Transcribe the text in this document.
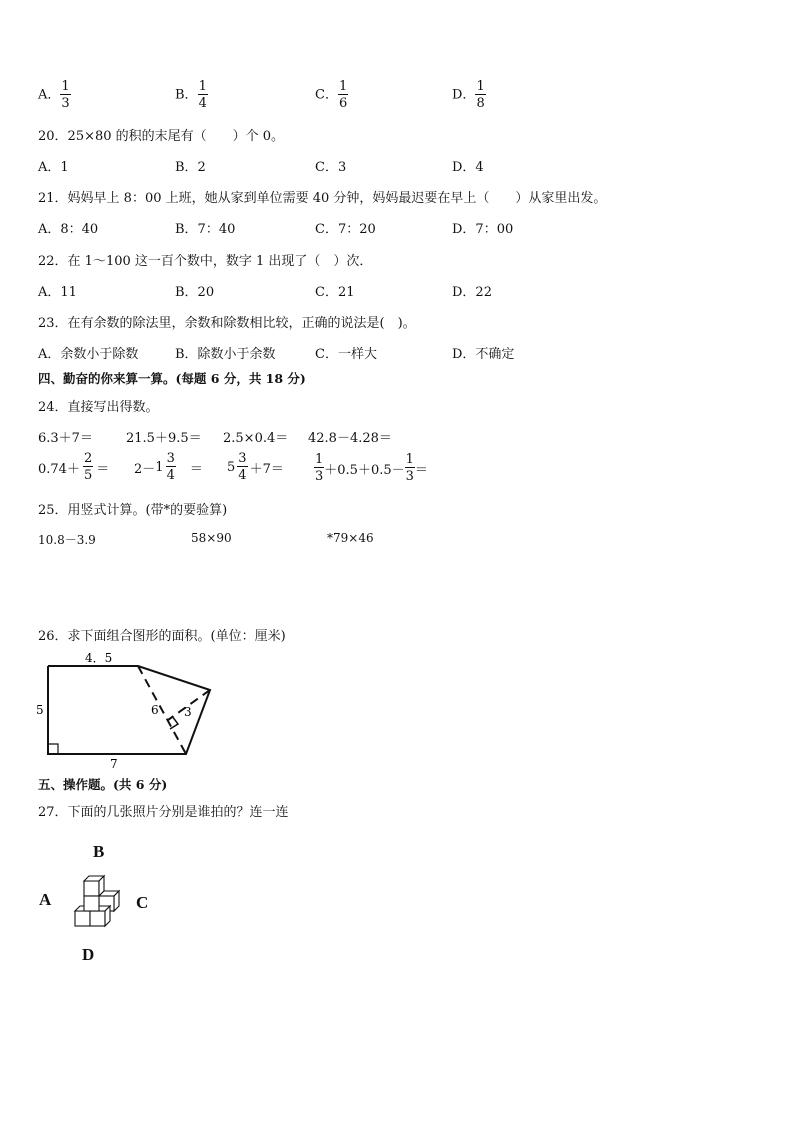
A． $\frac{1}{3}$	B． $\frac{1}{4}$	C． $\frac{1}{6}$	D． $\frac{1}{8}$
20．25×80 的积的末尾有（　　）个 0。
A．1	B．2	C．3	D．4
21．妈妈早上 8：00 上班，她从家到单位需要 40 分钟，妈妈最迟要在早上（　　）从家里出发。
A．8：40	B．7：40	C．7：20	D．7：00
22．在 1～100 这一百个数中，数字 1 出现了（　）次．
A．11	B．20	C．21	D．22
23．在有余数的除法里，余数和除数相比较，正确的说法是(　)。
A．余数小于除数	B．除数小于余数	C．一样大	D．不确定
四、勤奋的你来算一算。(每题 6 分，共 18 分)
24．直接写出得数。
6.3＋7＝	21.5＋9.5＝ 2.5×0.4＝ 42.8－4.28＝
$0.74+ \frac{2}{5} = 2- 1 \frac{3}{4} = 5 \frac{3}{4} +7= \frac{1}{3} +0.5+0.5- \frac{1}{3}$ ＝
25．用竖式计算。(带*的要验算)
10.8－3.9	58×90	*79×46
26．求下面组合图形的面积。(单位：厘米)
4．5
5
7
6 3
五、操作题。(共 6 分)
27．下面的几张照片分别是谁拍的？连一连
B
A	C
D
